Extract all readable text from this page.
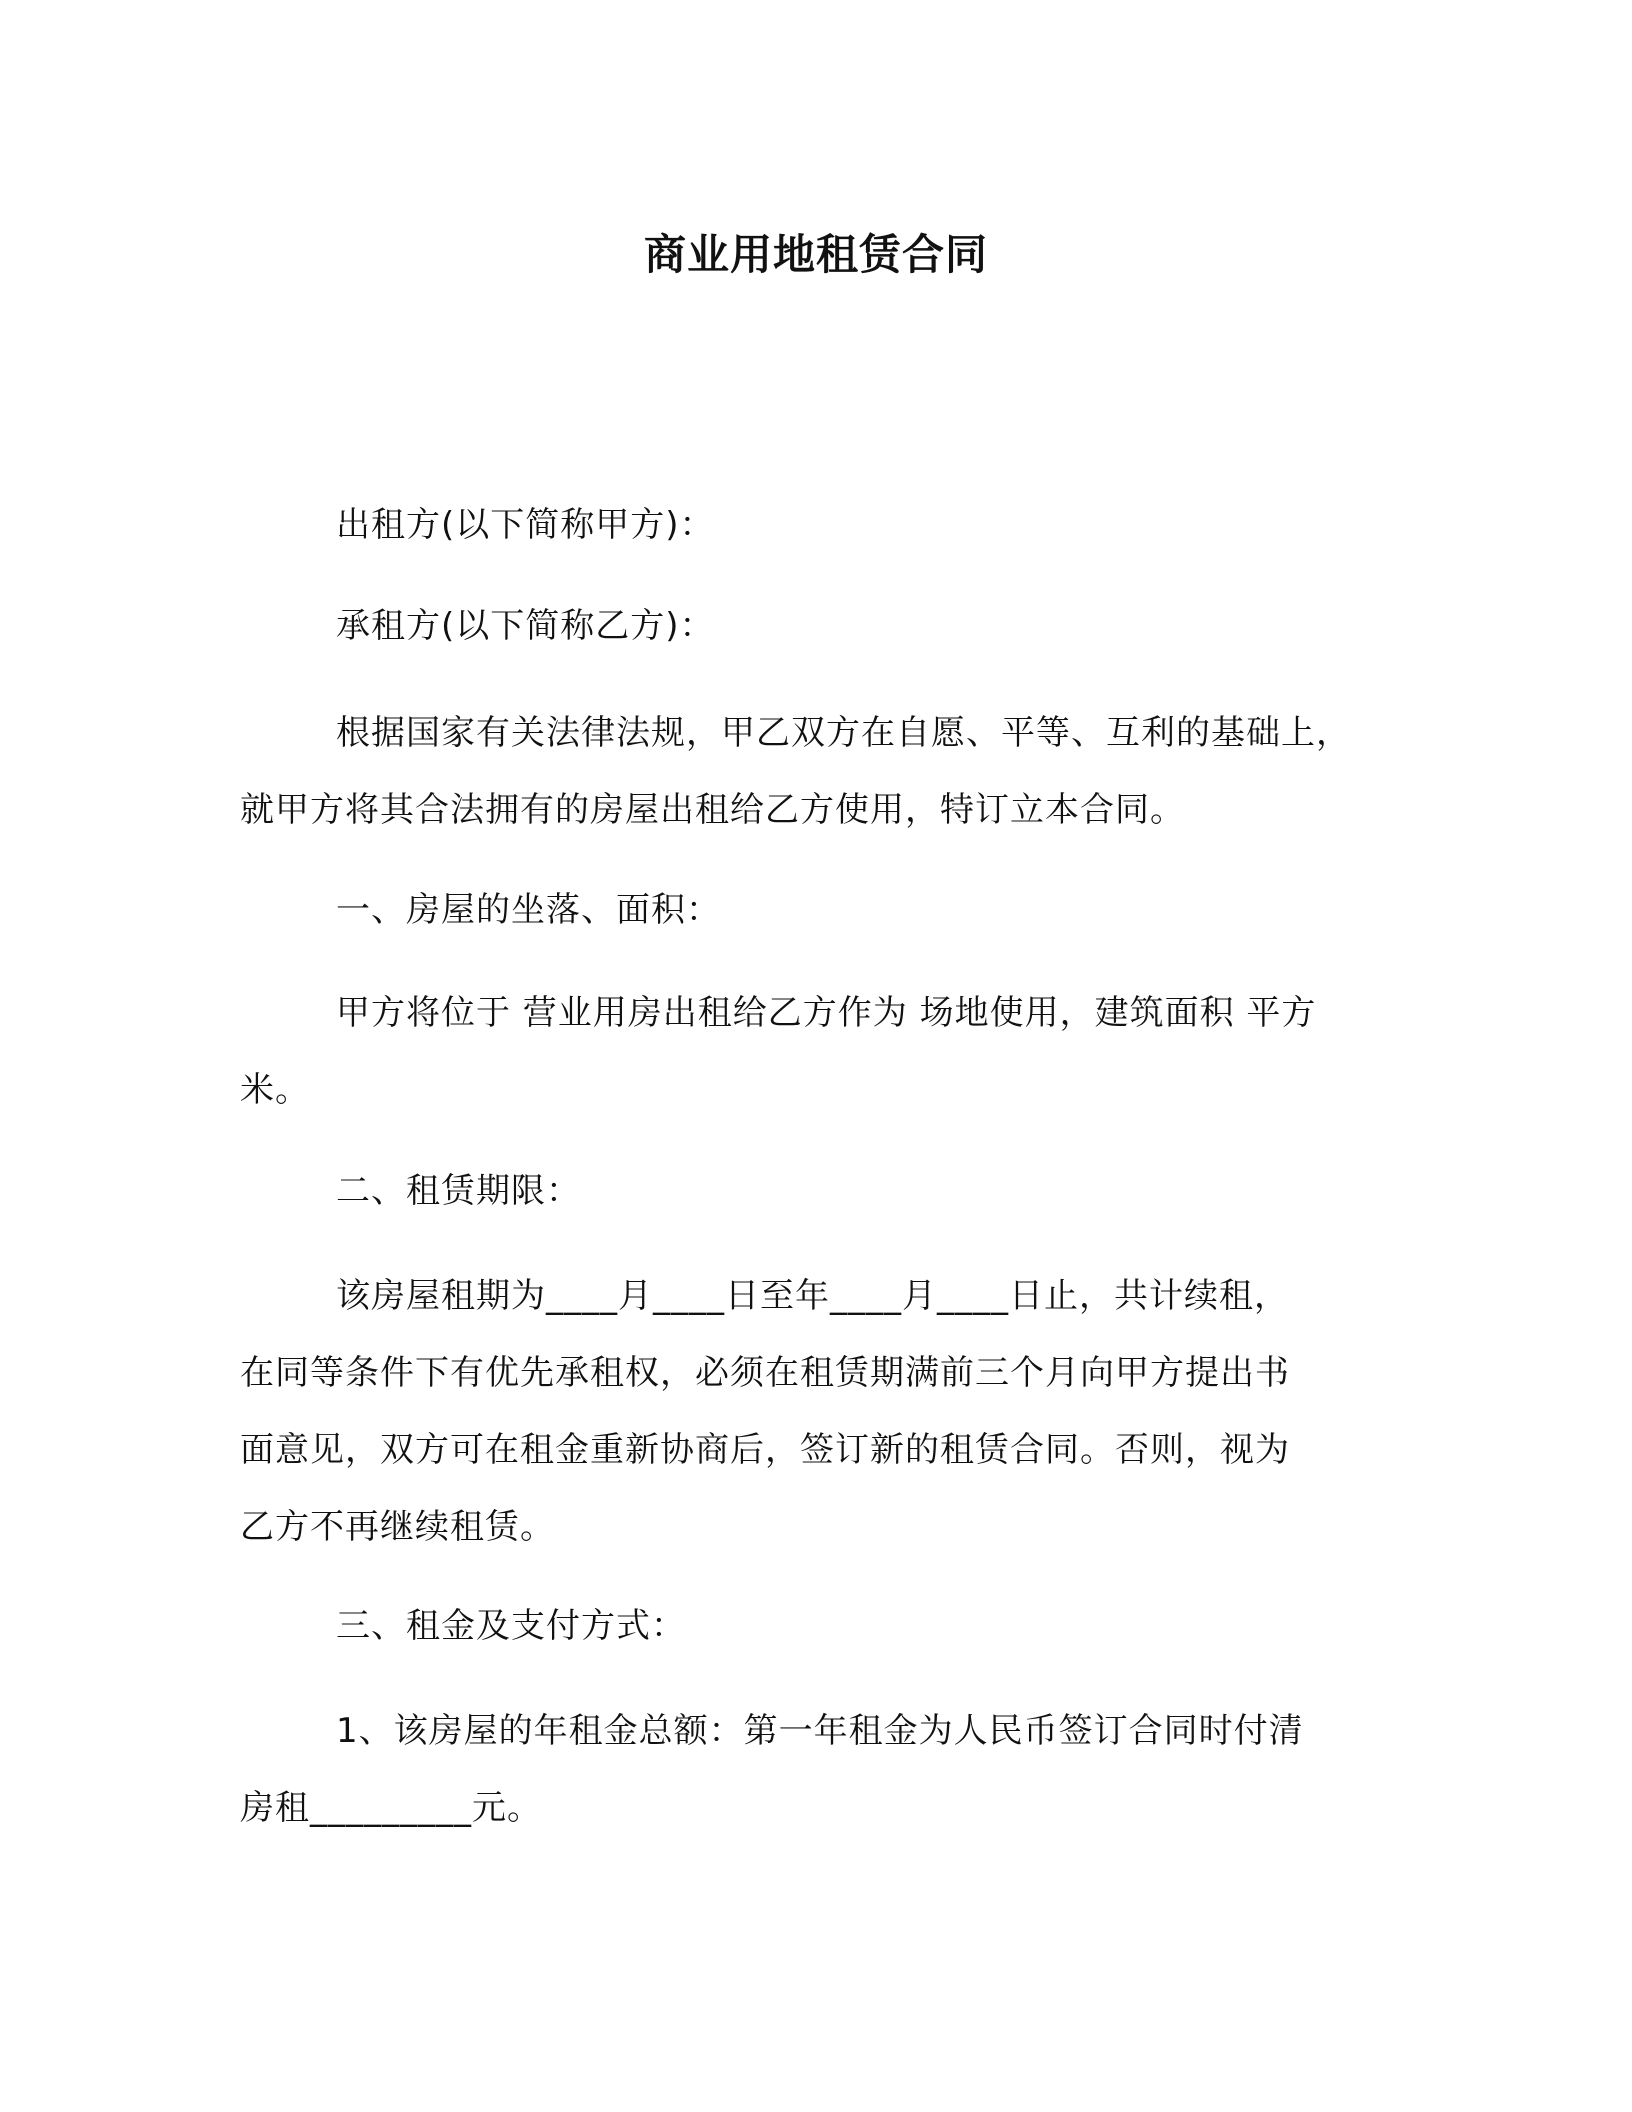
商业用地租赁合同
出租方(以下简称甲方)：
承租方(以下简称乙方)：
根据国家有关法律法规，甲乙双方在自愿、平等、互利的基础上，
就甲方将其合法拥有的房屋出租给乙方使用，特订立本合同。
一、房屋的坐落、面积：
甲方将位于 营业用房出租给乙方作为 场地使用，建筑面积 平方
米。
二、租赁期限：
该房屋租期为____月____日至年____月____日止，共计续租，
在同等条件下有优先承租权，必须在租赁期满前三个月向甲方提出书
面意见，双方可在租金重新协商后，签订新的租赁合同。否则，视为
乙方不再继续租赁。
三、租金及支付方式：
1、该房屋的年租金总额：第一年租金为人民币签订合同时付清
房租_________元。
